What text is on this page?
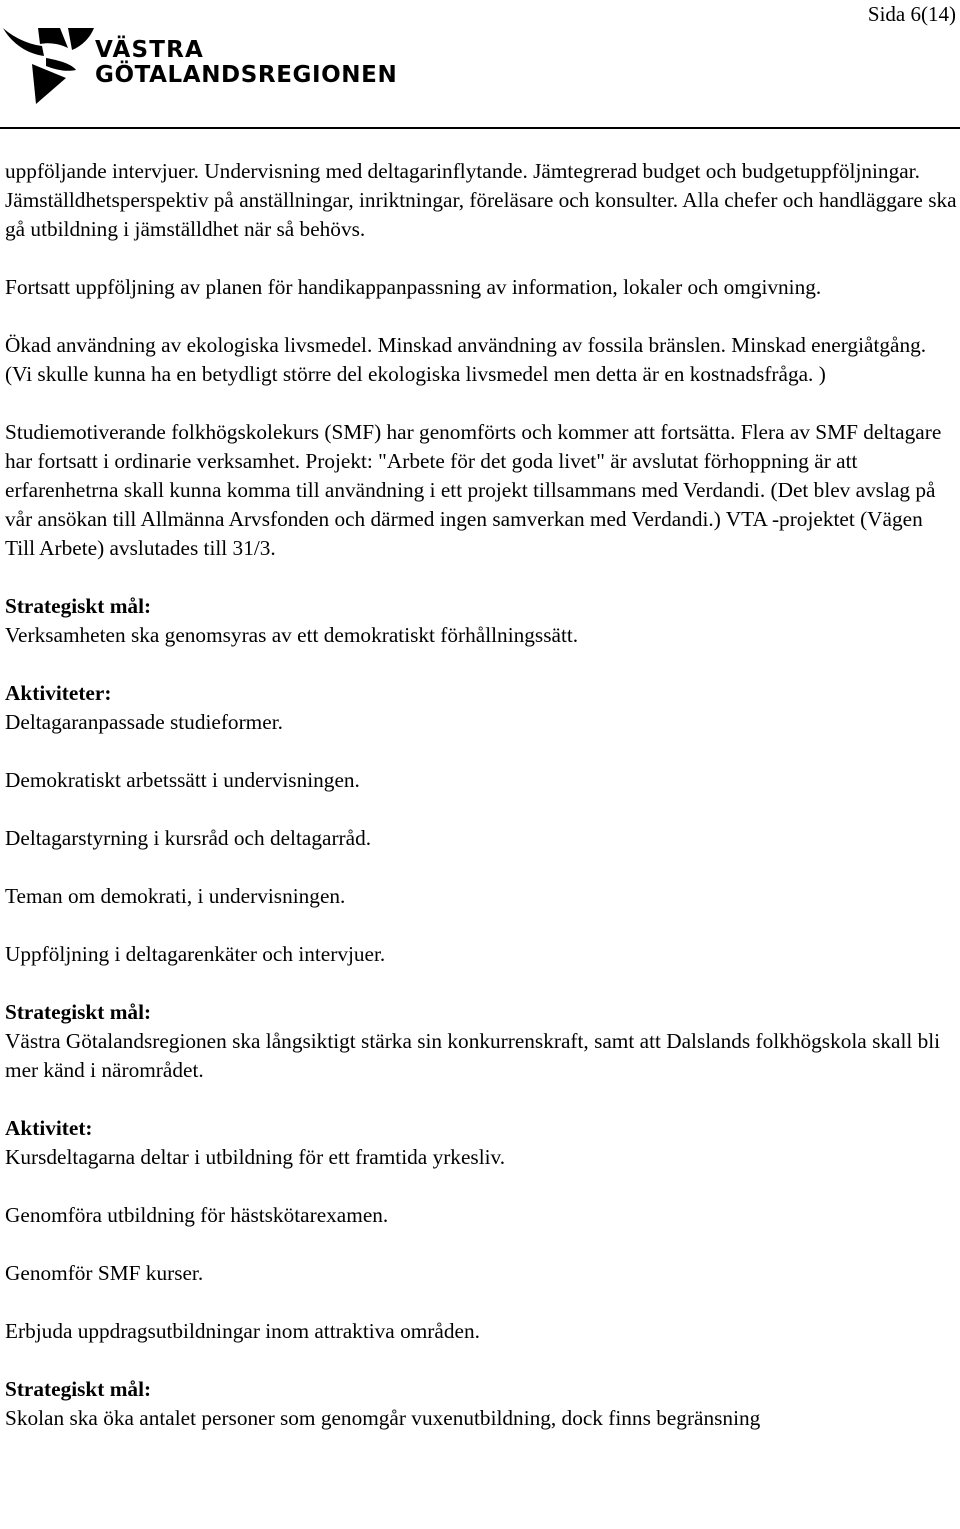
Sida 6(14)
VÄSTRA
GÖTALANDSREGIONEN

uppföljande intervjuer. Undervisning med deltagarinflytande. Jämtegrerad budget och budgetuppföljningar. Jämställdhetsperspektiv på anställningar, inriktningar, föreläsare och konsulter. Alla chefer och handläggare ska gå utbildning i jämställdhet när så behövs.

Fortsatt uppföljning av planen för handikappanpassning av information, lokaler och omgivning.

Ökad användning av ekologiska livsmedel. Minskad användning av fossila bränslen. Minskad energiåtgång. (Vi skulle kunna ha en betydligt större del ekologiska livsmedel men detta är en kostnadsfråga. )

Studiemotiverande folkhögskolekurs (SMF) har genomförts och kommer att fortsätta. Flera av SMF deltagare har fortsatt i ordinarie verksamhet. Projekt: "Arbete för det goda livet" är avslutat förhoppning är att erfarenhetrna skall kunna komma till användning i ett projekt tillsammans med Verdandi. (Det blev avslag på vår ansökan till Allmänna Arvsfonden och därmed ingen samverkan med Verdandi.) VTA -projektet (Vägen Till Arbete) avslutades till 31/3.

Strategiskt mål:

Verksamheten ska genomsyras av ett demokratiskt förhållningssätt.

Aktiviteter:

Deltagaranpassade studieformer.

Demokratiskt arbetssätt i undervisningen.

Deltagarstyrning i kursråd och deltagarråd.

Teman om demokrati, i undervisningen.

Uppföljning i deltagarenkäter och intervjuer.

Strategiskt mål:

Västra Götalandsregionen ska långsiktigt stärka sin konkurrenskraft, samt att Dalslands folkhögskola skall bli mer känd i närområdet.

Aktivitet:

Kursdeltagarna deltar i utbildning för ett framtida yrkesliv.

Genomföra utbildning för hästskötarexamen.

Genomför SMF kurser.

Erbjuda uppdragsutbildningar inom attraktiva områden.

Strategiskt mål:

Skolan ska öka antalet personer som genomgår vuxenutbildning, dock finns begränsning
